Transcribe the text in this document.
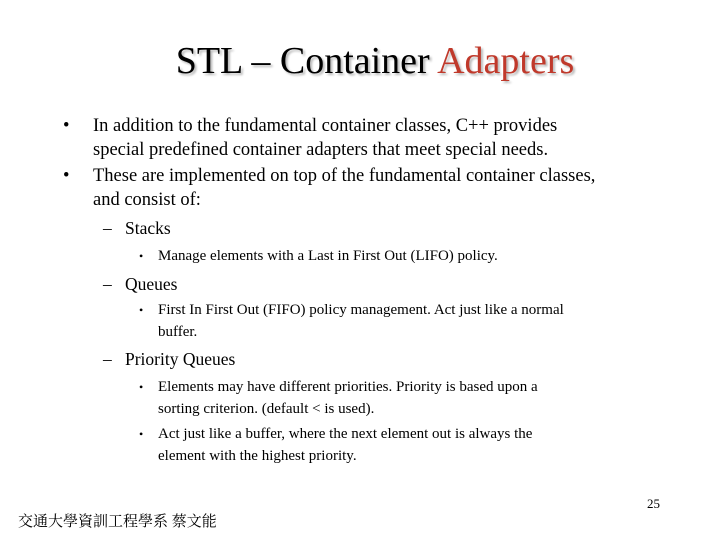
STL – Container Adapters
• In addition to the fundamental container classes, C++ provides
special predefined container adapters that meet special needs.
• These are implemented on top of the fundamental container classes,
and consist of:
– Stacks
• Manage elements with a Last in First Out (LIFO) policy.
– Queues
• First In First Out (FIFO) policy management. Act just like a normal
buffer.
– Priority Queues
• Elements may have different priorities. Priority is based upon a
sorting criterion. (default < is used).
• Act just like a buffer, where the next element out is always the
element with the highest priority.
25
交通大學資訓工程學系 蔡文能
